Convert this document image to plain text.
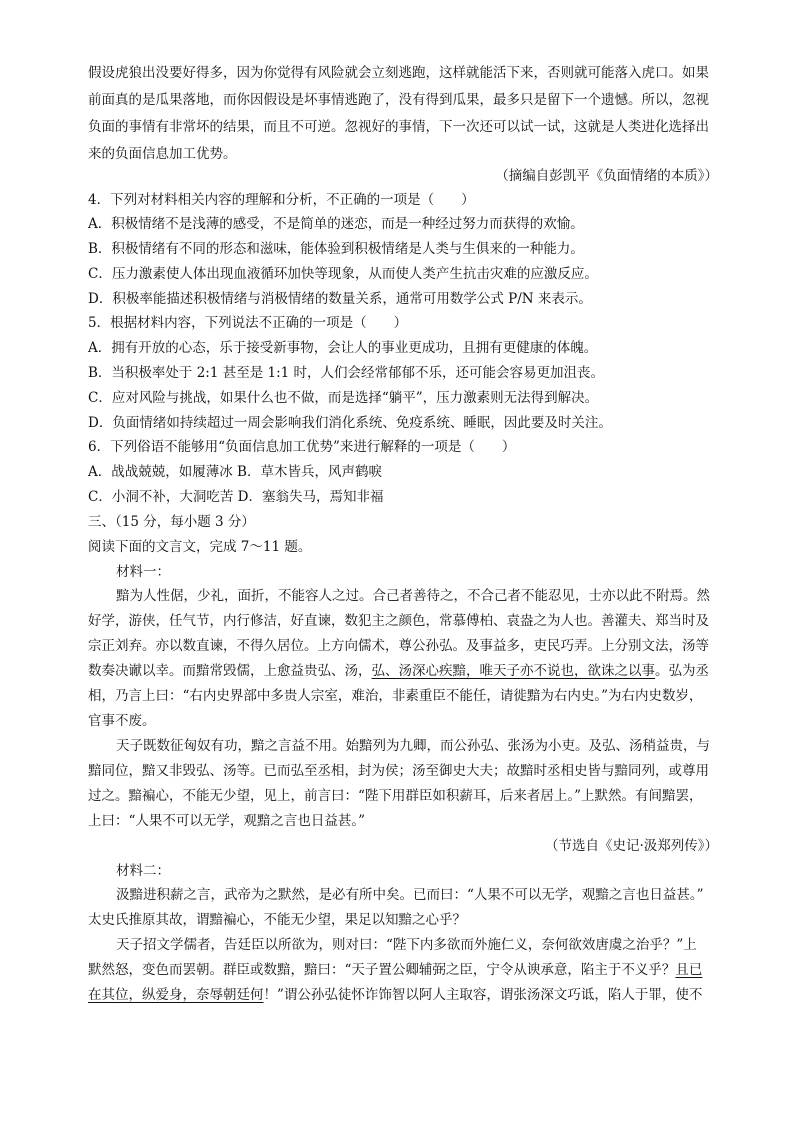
假设虎狼出没要好得多，因为你觉得有风险就会立刻逃跑，这样就能活下来，否则就可能落入虎口。如果
前面真的是瓜果落地，而你因假设是坏事情逃跑了，没有得到瓜果，最多只是留下一个遗憾。所以，忽视
负面的事情有非常坏的结果，而且不可逆。忽视好的事情，下一次还可以试一试，这就是人类进化选择出
来的负面信息加工优势。
（摘编自彭凯平《负面情绪的本质》）
4．下列对材料相关内容的理解和分析，不正确的一项是（　　）
A．积极情绪不是浅薄的感受，不是简单的迷恋，而是一种经过努力而获得的欢愉。
B．积极情绪有不同的形态和滋味，能体验到积极情绪是人类与生俱来的一种能力。
C．压力激素使人体出现血液循环加快等现象，从而使人类产生抗击灾难的应激反应。
D．积极率能描述积极情绪与消极情绪的数量关系，通常可用数学公式 P/N 来表示。
5．根据材料内容，下列说法不正确的一项是（　　）
A．拥有开放的心态，乐于接受新事物，会让人的事业更成功，且拥有更健康的体魄。
B．当积极率处于 2:1 甚至是 1:1 时，人们会经常郁郁不乐，还可能会容易更加沮丧。
C．应对风险与挑战，如果什么也不做，而是选择“躺平”，压力激素则无法得到解决。
D．负面情绪如持续超过一周会影响我们消化系统、免疫系统、睡眠，因此要及时关注。
6．下列俗语不能够用“负面信息加工优势”来进行解释的一项是（　　）
A．战战兢兢，如履薄冰 B．草木皆兵，风声鹤唳
C．小洞不补，大洞吃苦 D．塞翁失马，焉知非福
三、（15 分，每小题 3 分）
阅读下面的文言文，完成 7～11 题。
材料一：
黯为人性倨，少礼，面折，不能容人之过。合己者善待之，不合己者不能忍见，士亦以此不附焉。然
好学，游侠，任气节，内行修洁，好直谏，数犯主之颜色，常慕傅柏、袁盎之为人也。善灌夫、郑当时及
宗正刘弃。亦以数直谏，不得久居位。上方向儒术，尊公孙弘。及事益多，吏民巧弄。上分别文法，汤等
数奏决谳以幸。而黯常毁儒，上愈益贵弘、汤，弘、汤深心疾黯，唯天子亦不说也，欲诛之以事。弘为丞
相，乃言上曰：“右内史界部中多贵人宗室，难治，非素重臣不能任，请徙黯为右内史。”为右内史数岁，
官事不废。
天子既数征匈奴有功，黯之言益不用。始黯列为九卿，而公孙弘、张汤为小吏。及弘、汤稍益贵，与
黯同位，黯又非毁弘、汤等。已而弘至丞相，封为侯；汤至御史大夫；故黯时丞相史皆与黯同列，或尊用
过之。黯褊心，不能无少望，见上，前言曰：“陛下用群臣如积薪耳，后来者居上。”上默然。有间黯罢，
上曰：“人果不可以无学，观黯之言也日益甚。”
（节选自《史记·汲郑列传》）
材料二：
汲黯进积薪之言，武帝为之默然，是必有所中矣。已而曰：“人果不可以无学，观黯之言也日益甚。”
太史氏推原其故，谓黯褊心，不能无少望，果足以知黯之心乎？
天子招文学儒者，告廷臣以所欲为，则对曰：“陛下内多欲而外施仁义，奈何欲效唐虞之治乎？”上
默然怒，变色而罢朝。群臣或数黯，黯曰：“天子置公卿辅弼之臣，宁令从谀承意，陷主于不义乎？且已
在其位，纵爱身，奈辱朝廷何！”谓公孙弘徒怀诈饰智以阿人主取容，谓张汤深文巧诋，陷人于罪，使不
